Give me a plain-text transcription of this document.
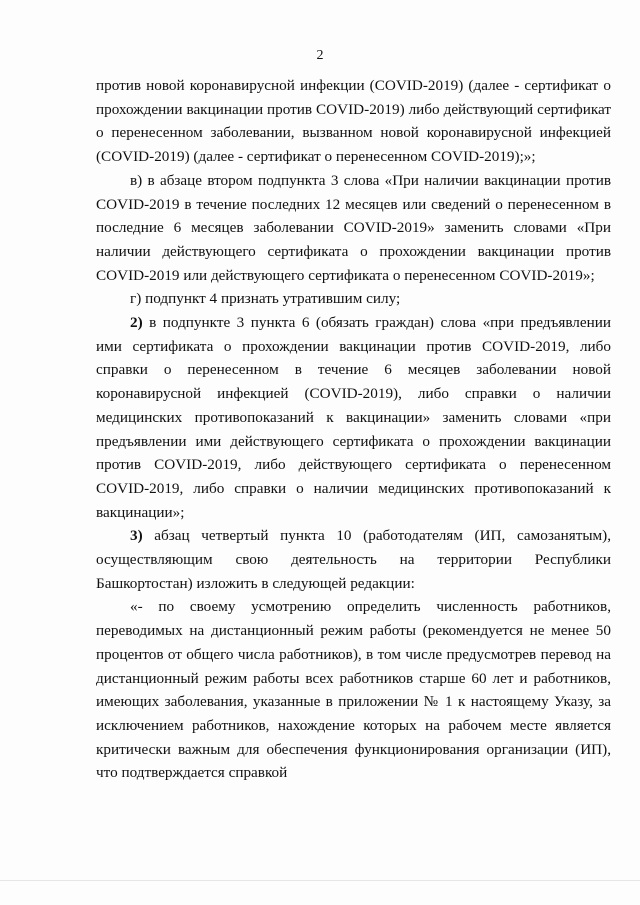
2

против новой коронавирусной инфекции (COVID-2019) (далее - сертификат о прохождении вакцинации против COVID-2019) либо действующий сертификат о перенесенном заболевании, вызванном новой коронавирусной инфекцией (COVID-2019) (далее - сертификат о перенесенном COVID-2019);»;

в) в абзаце втором подпункта 3 слова «При наличии вакцинации против COVID-2019 в течение последних 12 месяцев или сведений о перенесенном в последние 6 месяцев заболевании COVID-2019» заменить словами «При наличии действующего сертификата о прохождении вакцинации против COVID-2019 или действующего сертификата о перенесенном COVID-2019»;

г) подпункт 4 признать утратившим силу;

2) в подпункте 3 пункта 6 (обязать граждан) слова «при предъявлении ими сертификата о прохождении вакцинации против COVID-2019, либо справки о перенесенном в течение 6 месяцев заболевании новой коронавирусной инфекцией (COVID-2019), либо справки о наличии медицинских противопоказаний к вакцинации» заменить словами «при предъявлении ими действующего сертификата о прохождении вакцинации против COVID-2019, либо действующего сертификата о перенесенном COVID-2019, либо справки о наличии медицинских противопоказаний к вакцинации»;

3) абзац четвертый пункта 10 (работодателям (ИП, самозанятым), осуществляющим свою деятельность на территории Республики Башкортостан) изложить в следующей редакции:

«- по своему усмотрению определить численность работников, переводимых на дистанционный режим работы (рекомендуется не менее 50 процентов от общего числа работников), в том числе предусмотрев перевод на дистанционный режим работы всех работников старше 60 лет и работников, имеющих заболевания, указанные в приложении № 1 к настоящему Указу, за исключением работников, нахождение которых на рабочем месте является критически важным для обеспечения функционирования организации (ИП), что подтверждается справкой
